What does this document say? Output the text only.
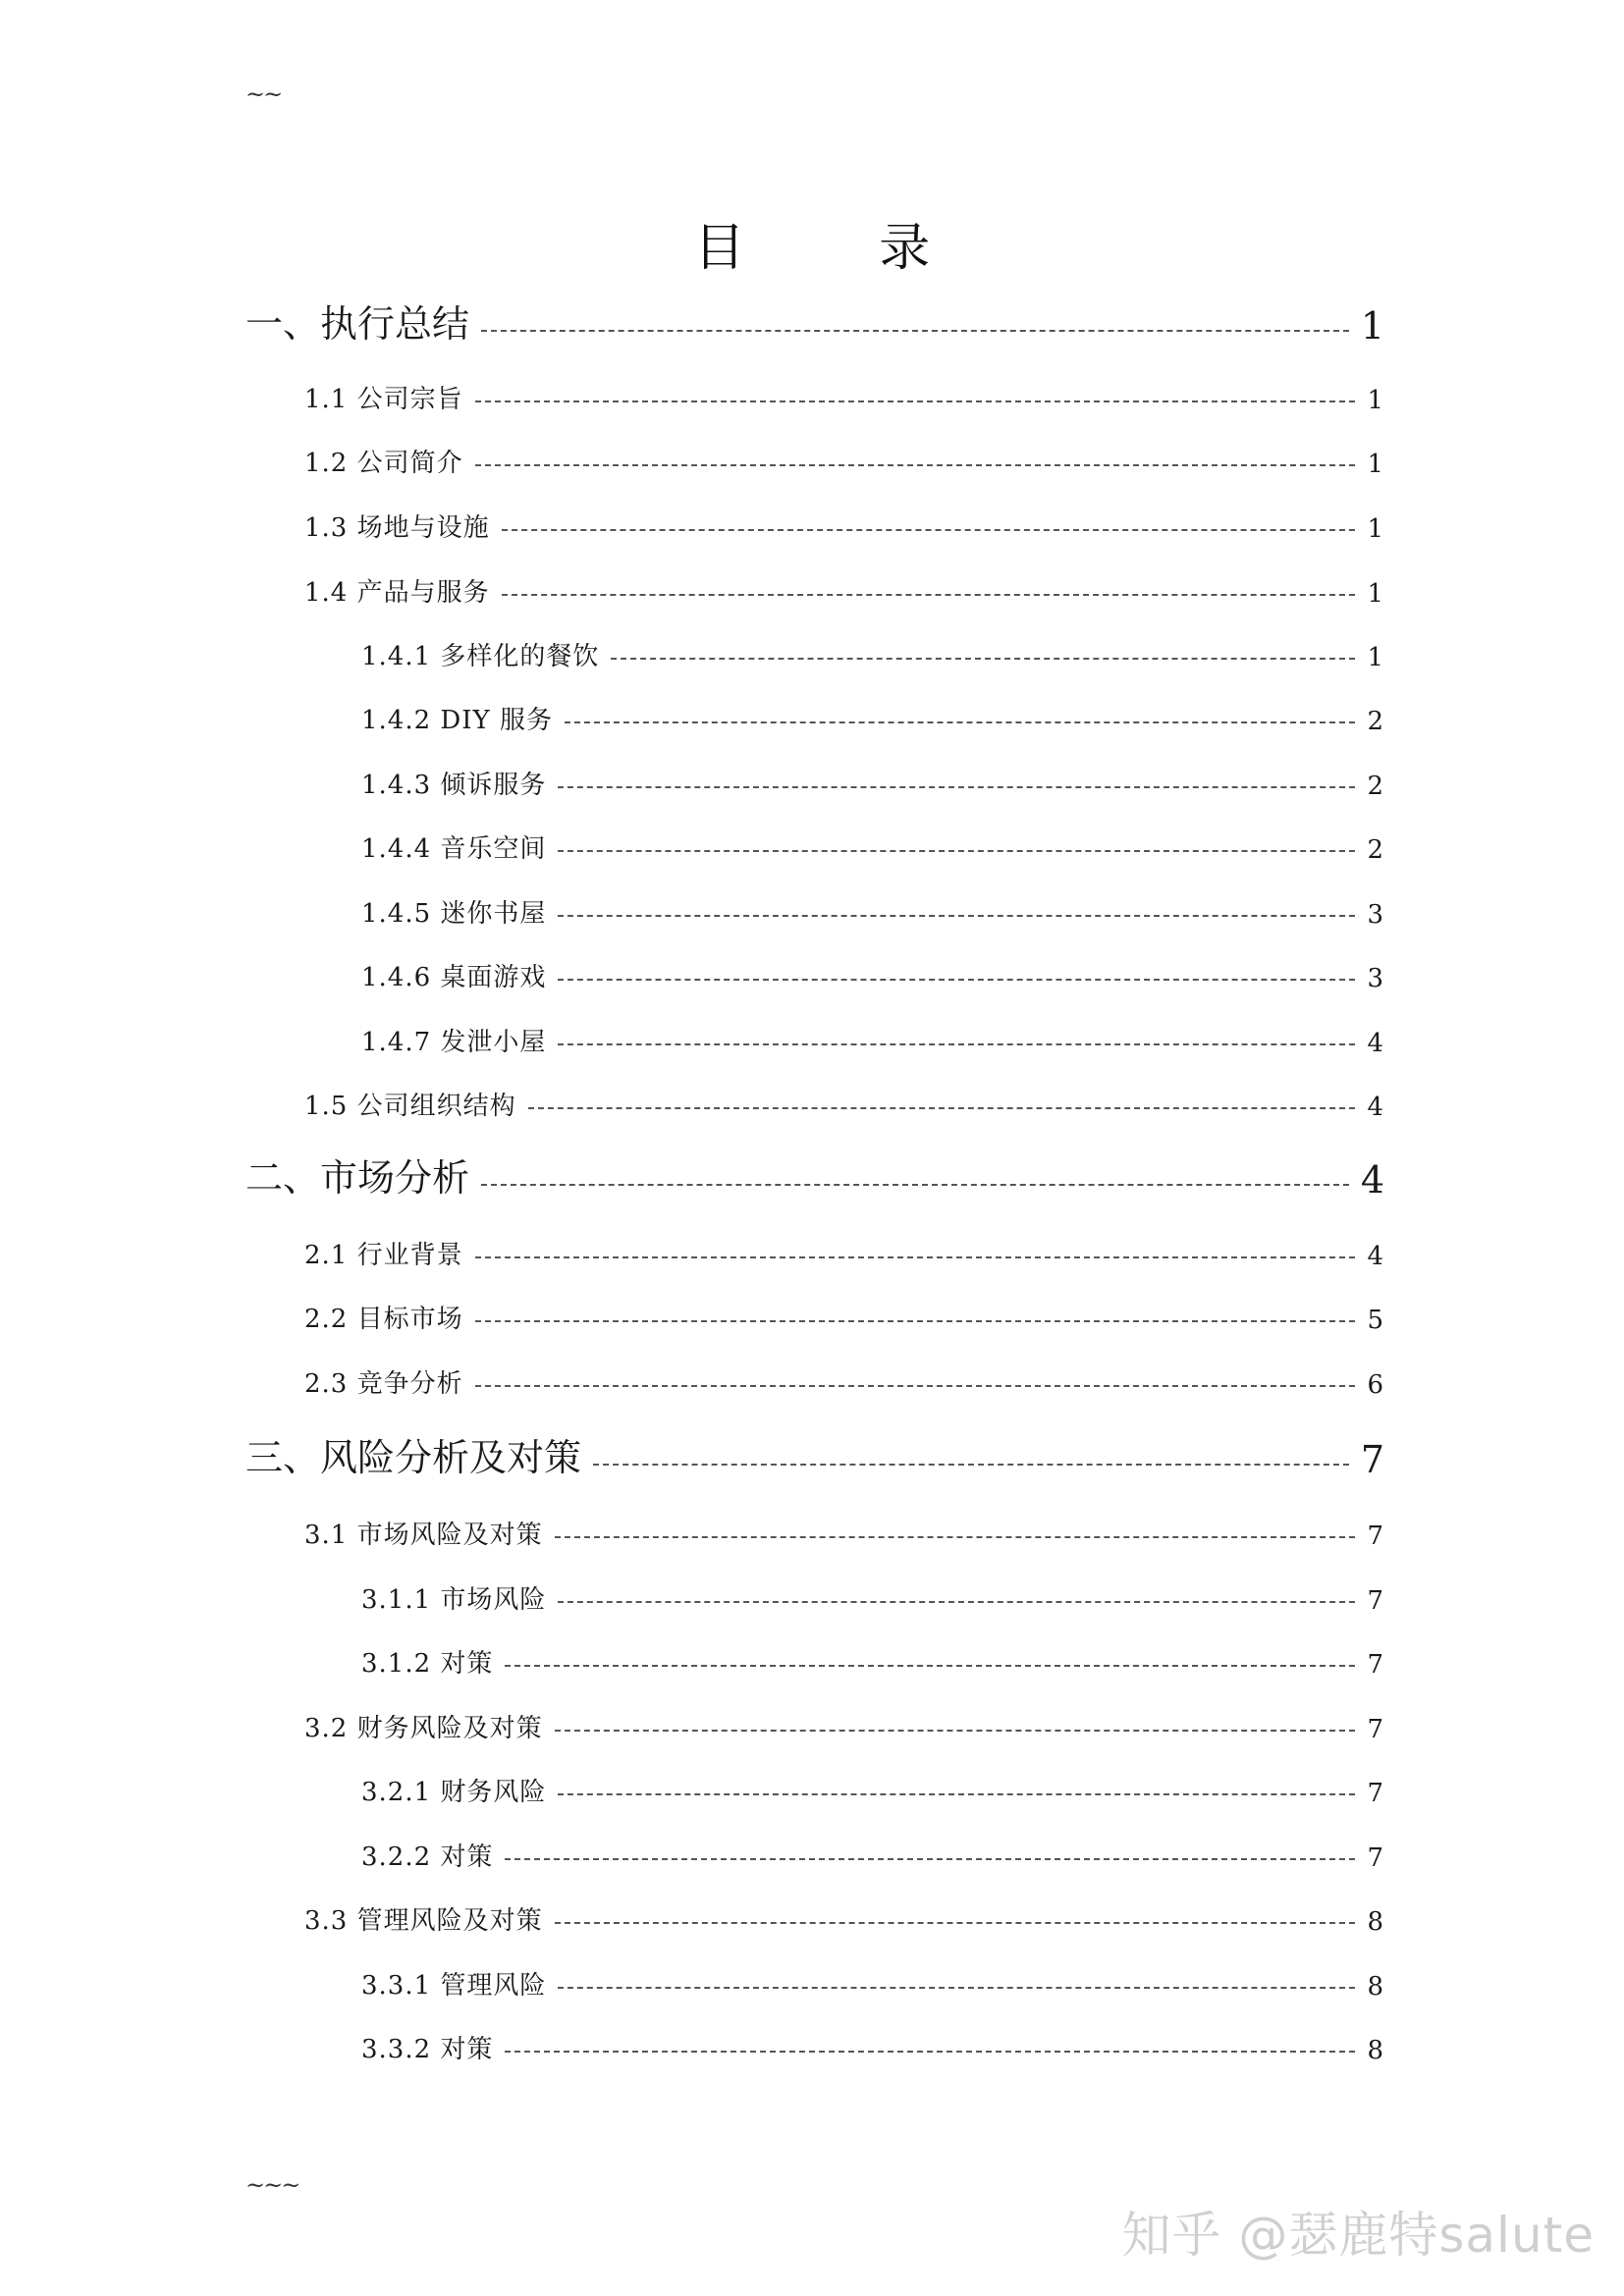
~~
目 录
一、执行总结	1
1.1 公司宗旨	1
1.2 公司简介	1
1.3 场地与设施	1
1.4 产品与服务	1
1.4.1 多样化的餐饮	1
1.4.2 DIY 服务	2
1.4.3 倾诉服务	2
1.4.4 音乐空间	2
1.4.5 迷你书屋	3
1.4.6 桌面游戏	3
1.4.7 发泄小屋	4
1.5 公司组织结构	4
二、市场分析	4
2.1 行业背景	4
2.2 目标市场	5
2.3 竞争分析	6
三、风险分析及对策	7
3.1 市场风险及对策	7
3.1.1 市场风险	7
3.1.2 对策	7
3.2 财务风险及对策	7
3.2.1 财务风险	7
3.2.2 对策	7
3.3 管理风险及对策	8
3.3.1 管理风险	8
3.3.2 对策	8
~~~
知乎 @瑟鹿特salute
